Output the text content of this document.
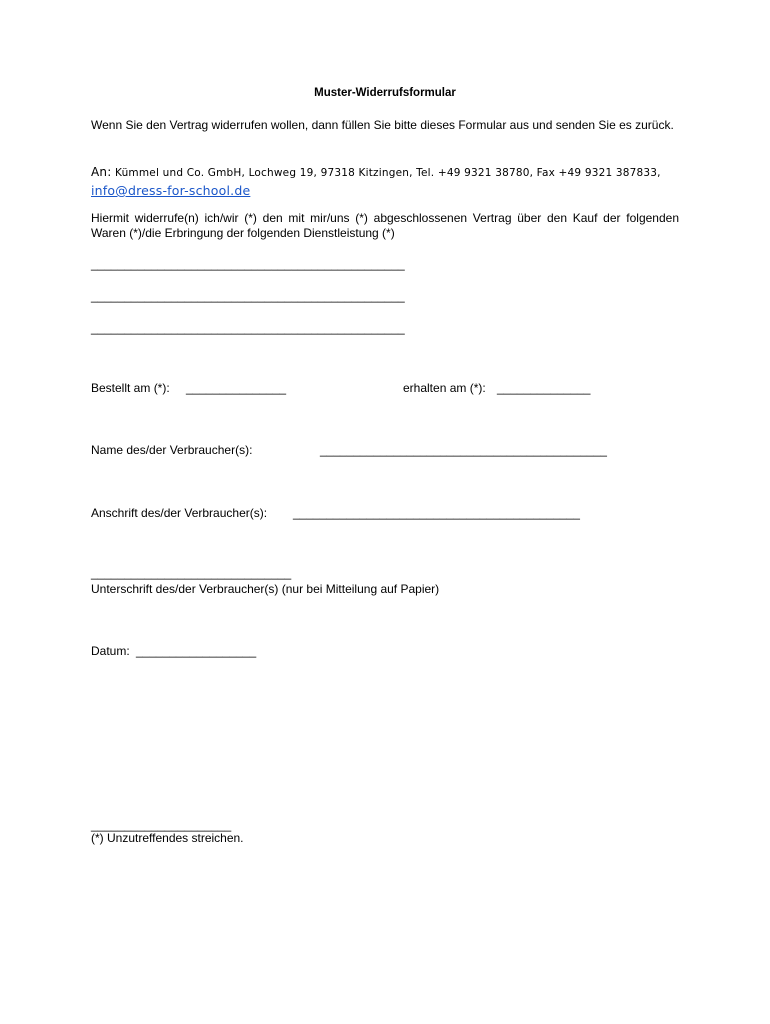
Muster-Widerrufsformular
Wenn Sie den Vertrag widerrufen wollen, dann füllen Sie bitte dieses Formular aus und senden Sie es zurück.
An: Kümmel und Co. GmbH, Lochweg 19, 97318 Kitzingen, Tel. +49 9321 38780, Fax +49 9321 387833,
info@dress-for-school.de
Hiermit widerrufe(n) ich/wir (*) den mit mir/uns (*) abgeschlossenen Vertrag über den Kauf der folgenden Waren (*)/die Erbringung der folgenden Dienstleistung (*)
_______________________________________________
_______________________________________________
_______________________________________________
Bestellt am (*): _______________	erhalten am (*): ______________
Name des/der Verbraucher(s):	___________________________________________
Anschrift des/der Verbraucher(s): ___________________________________________
______________________________
Unterschrift des/der Verbraucher(s) (nur bei Mitteilung auf Papier)
Datum: __________________
_____________________
(*) Unzutreffendes streichen.
